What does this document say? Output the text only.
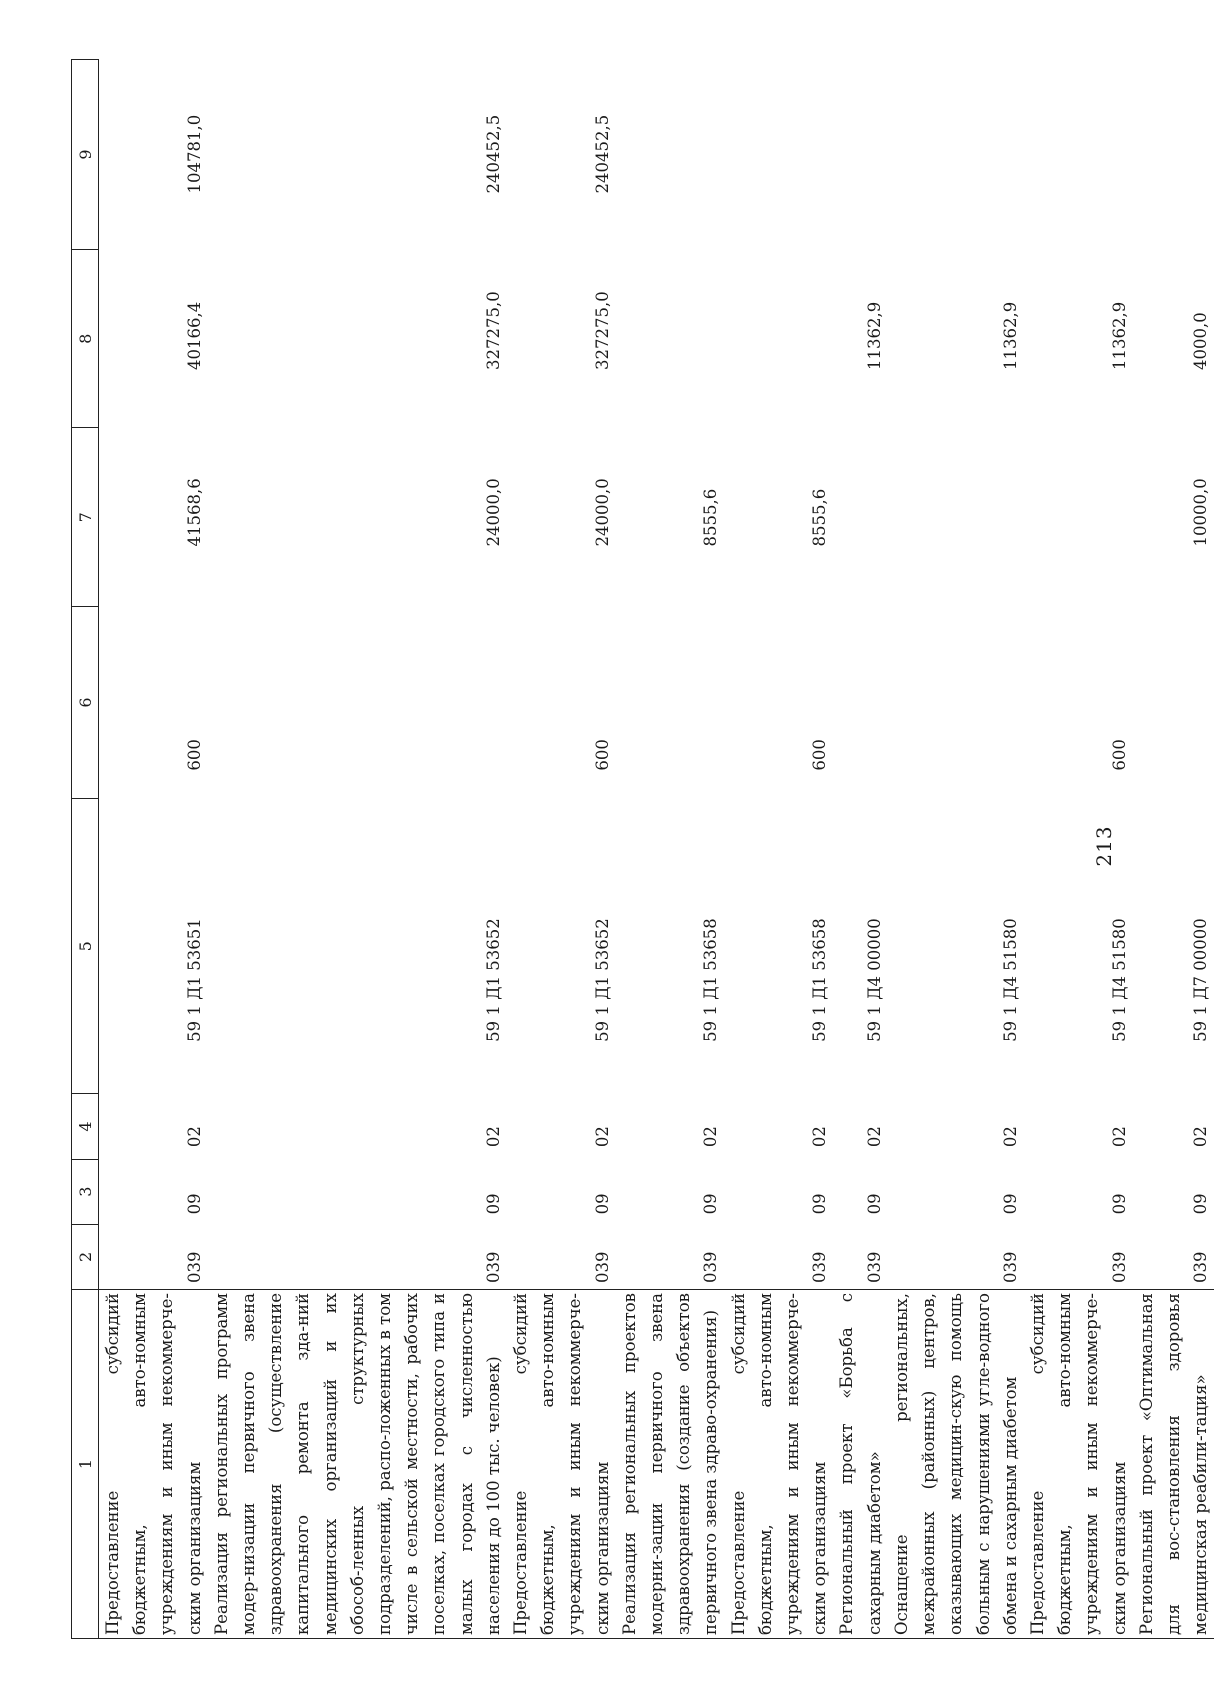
213
1	2	3	4	5	6	7	8	9
Предоставление субсидий бюджетным, авто-номным учреждениям и иным некоммерче-ским организациям	039	09	02	59 1 Д1 53651	600	41568,6	40166,4	104781,0
Реализация региональных программ модер-низации первичного звена здравоохранения (осуществление капитального ремонта зда-ний медицинских организаций и их обособ-ленных структурных подразделений, распо-ложенных в том числе в сельской местности, рабочих поселках, поселках городского типа и малых городах с численностью населения до 100 тыс. человек)	039	09	02	59 1 Д1 53652		24000,0	327275,0	240452,5
Предоставление субсидий бюджетным, авто-номным учреждениям и иным некоммерче-ским организациям	039	09	02	59 1 Д1 53652	600	24000,0	327275,0	240452,5
Реализация региональных проектов модерни-зации первичного звена здравоохранения (создание объектов первичного звена здраво-охранения)	039	09	02	59 1 Д1 53658		8555,6		
Предоставление субсидий бюджетным, авто-номным учреждениям и иным некоммерче-ским организациям	039	09	02	59 1 Д1 53658	600	8555,6		
Региональный проект «Борьба с сахарным диабетом»	039	09	02	59 1 Д4 00000			11362,9	
Оснащение региональных, межрайонных (районных) центров, оказывающих медицин-скую помощь больным с нарушениями угле-водного обмена и сахарным диабетом	039	09	02	59 1 Д4 51580			11362,9	
Предоставление субсидий бюджетным, авто-номным учреждениям и иным некоммерче-ским организациям	039	09	02	59 1 Д4 51580	600		11362,9	
Региональный проект «Оптимальная для вос-становления здоровья медицинская реабили-тация»	039	09	02	59 1 Д7 00000		10000,0	4000,0	
